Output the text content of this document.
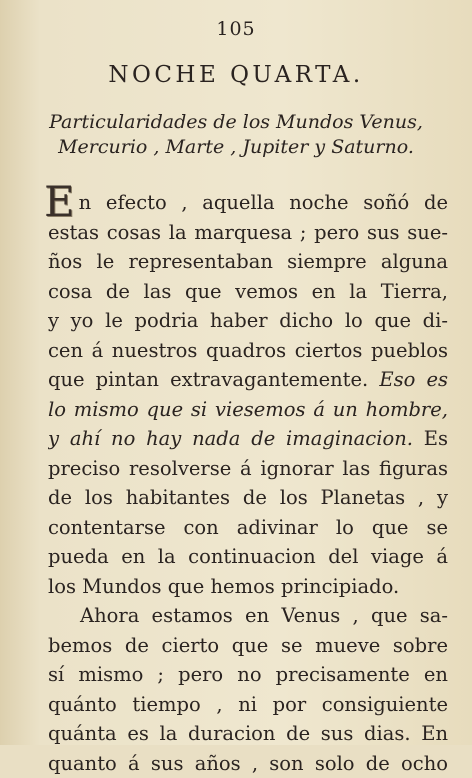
105
NOCHE QUARTA.
Particularidades de los Mundos Venus,
Mercurio , Marte , Jupiter y Saturno.
En efecto , aquella noche soñó de
estas cosas la marquesa ; pero sus sue-
ños le representaban siempre alguna
cosa de las que vemos en la Tierra,
y yo le podria haber dicho lo que di-
cen á nuestros quadros ciertos pueblos
que pintan extravagantemente. Eso es
lo mismo que si viesemos á un hombre,
y ahí no hay nada de imaginacion. Es
preciso resolverse á ignorar las figuras
de los habitantes de los Planetas , y
contentarse con adivinar lo que se
pueda en la continuacion del viage á
los Mundos que hemos principiado.
Ahora estamos en Venus , que sa-
bemos de cierto que se mueve sobre
sí mismo ; pero no precisamente en
quánto tiempo , ni por consiguiente
quánta es la duracion de sus dias. En
quanto á sus años , son solo de ocho
